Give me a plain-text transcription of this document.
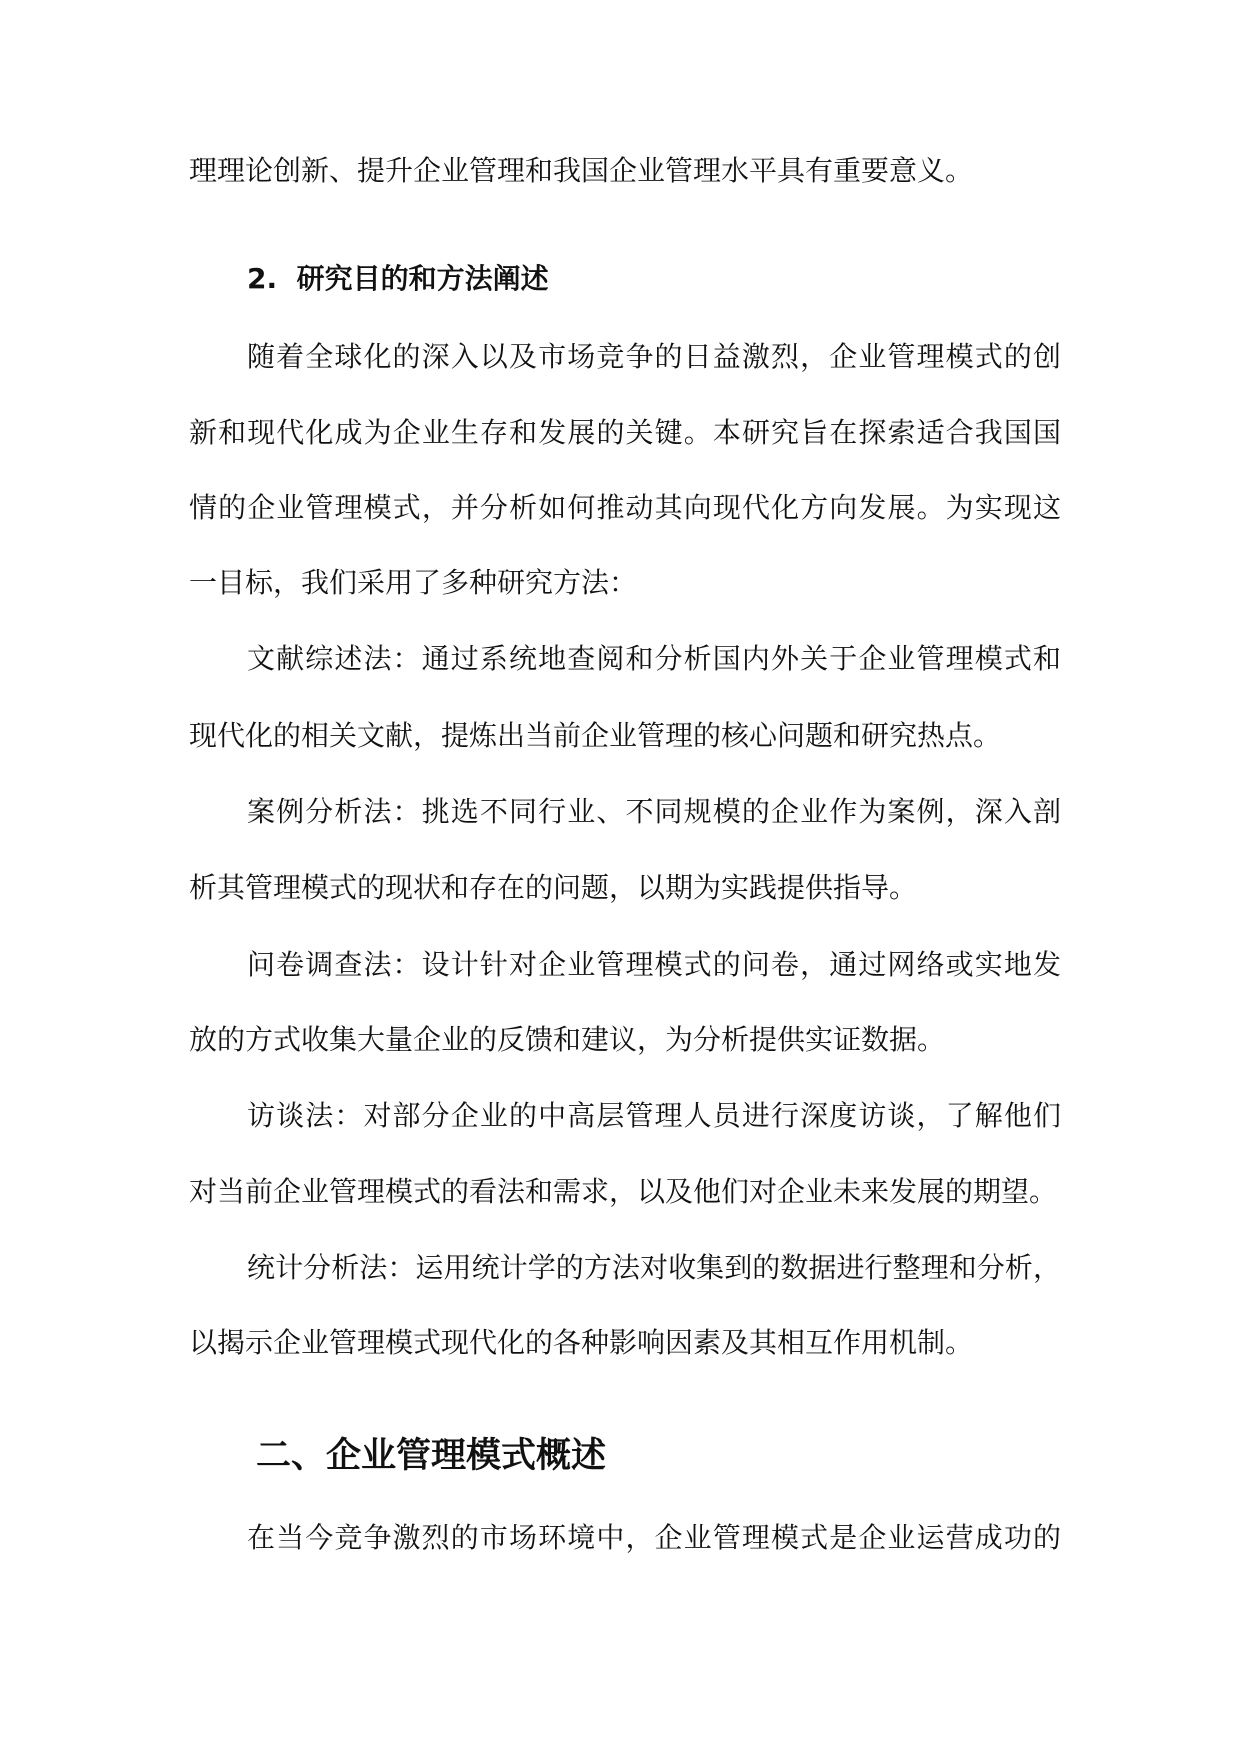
理理论创新、提升企业管理和我国企业管理水平具有重要意义。
2.  研究目的和方法阐述
随着全球化的深入以及市场竞争的日益激烈，企业管理模式的创
新和现代化成为企业生存和发展的关键。本研究旨在探索适合我国国
情的企业管理模式，并分析如何推动其向现代化方向发展。为实现这
一目标，我们采用了多种研究方法：
文献综述法：通过系统地查阅和分析国内外关于企业管理模式和
现代化的相关文献，提炼出当前企业管理的核心问题和研究热点。
案例分析法：挑选不同行业、不同规模的企业作为案例，深入剖
析其管理模式的现状和存在的问题，以期为实践提供指导。
问卷调查法：设计针对企业管理模式的问卷，通过网络或实地发
放的方式收集大量企业的反馈和建议，为分析提供实证数据。
访谈法：对部分企业的中高层管理人员进行深度访谈，了解他们
对当前企业管理模式的看法和需求，以及他们对企业未来发展的期望。
统计分析法：运用统计学的方法对收集到的数据进行整理和分析，
以揭示企业管理模式现代化的各种影响因素及其相互作用机制。
二、企业管理模式概述
在当今竞争激烈的市场环境中，企业管理模式是企业运营成功的
